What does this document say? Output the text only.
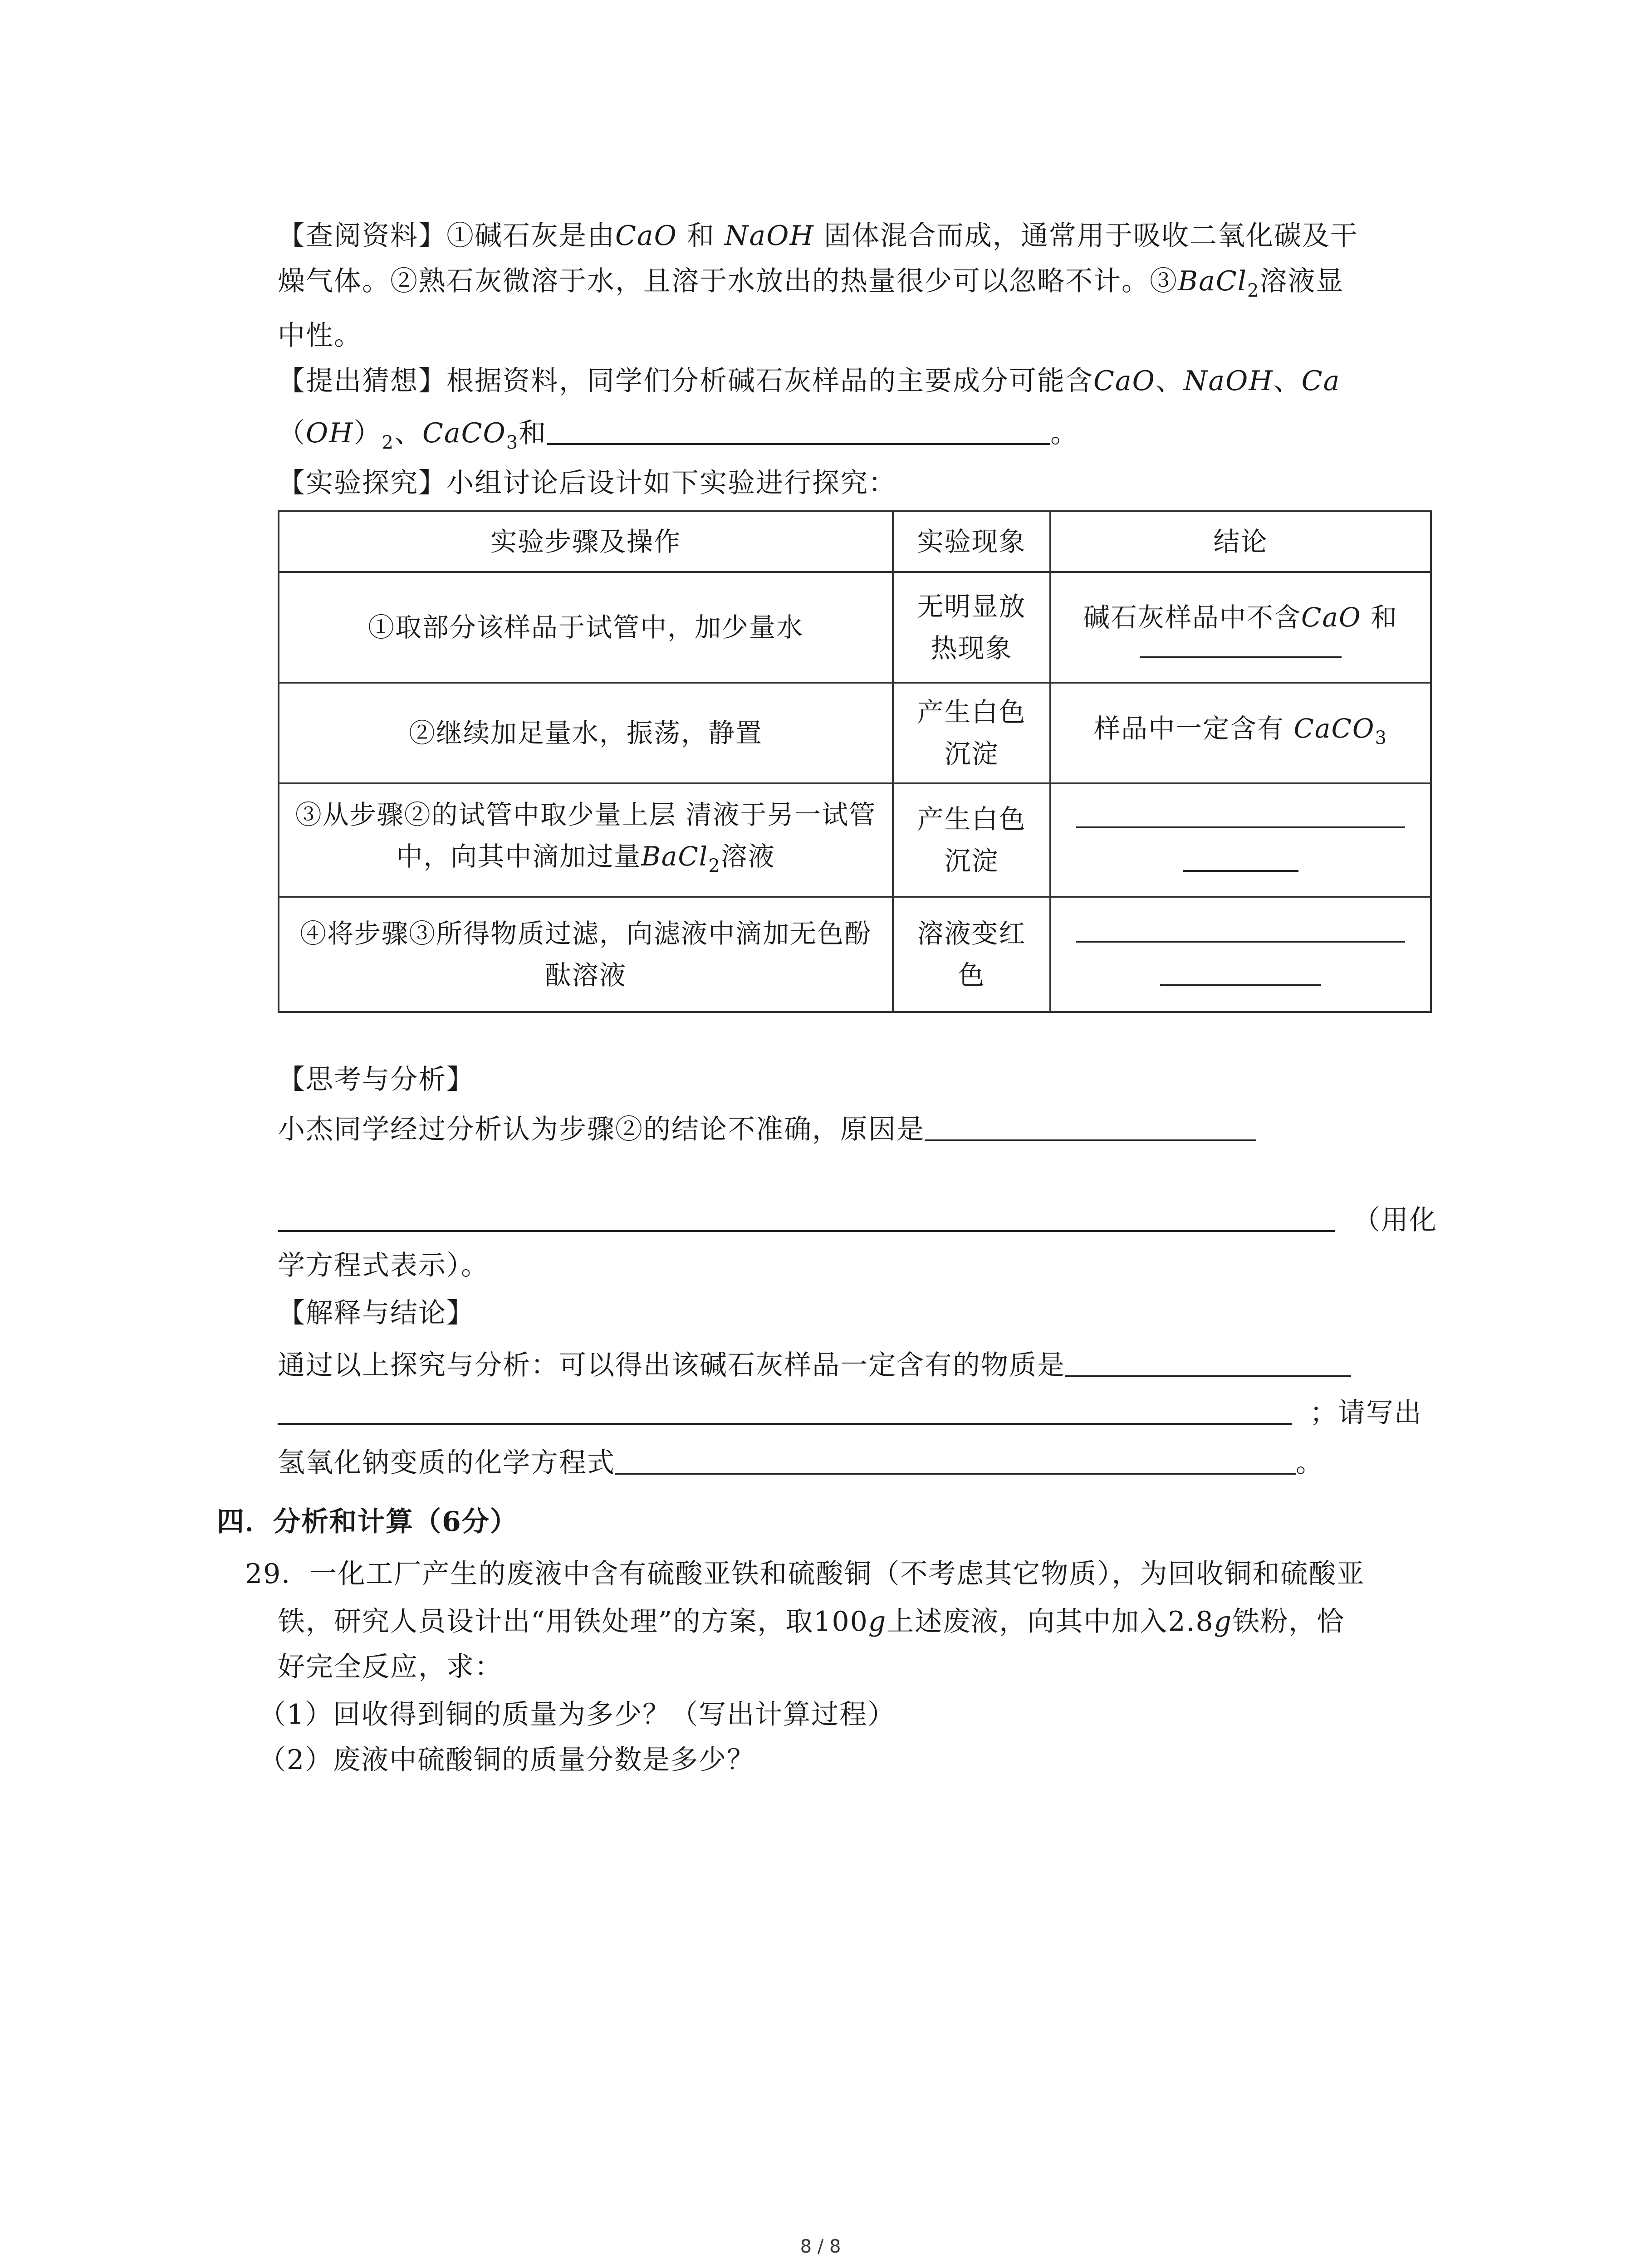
【查阅资料】①碱石灰是由CaO 和 NaOH 固体混合而成，通常用于吸收二氧化碳及干
燥气体。②熟石灰微溶于水，且溶于水放出的热量很少可以忽略不计。③BaCl$_2$溶液显
中性。
【提出猜想】根据资料，同学们分析碱石灰样品的主要成分可能含CaO、NaOH、Ca
$(OH)_2$、CaCO$_3$和	。
【实验探究】小组讨论后设计如下实验进行探究：
实验步骤及操作	实验现象	结论
①取部分该样品于试管中，加少量水	无明显放热现象	碱石灰样品中不含CaO 和

②继续加足量水，振荡，静置	产生白色沉淀	样品中一定含有 CaCO$_3$
③从步骤②的试管中取少量上层 清液于另一试管中，向其中滴加过量BaCl$_2$溶液	产生白色沉淀	

④将步骤③所得物质过滤，向滤液中滴加无色酚酞溶液	溶液变红色	
【思考与分析】
小杰同学经过分析认为步骤②的结论不准确，原因是
（用化
学方程式表示）。
【解释与结论】
通过以上探究与分析：可以得出该碱石灰样品一定含有的物质是
；请写出
氢氧化钠变质的化学方程式	。
四．分析和计算（6分）
29．一化工厂产生的废液中含有硫酸亚铁和硫酸铜（不考虑其它物质），为回收铜和硫酸亚
铁，研究人员设计出“用铁处理”的方案，取100g上述废液，向其中加入2.8g铁粉，恰
好完全反应，求：
（1）回收得到铜的质量为多少？（写出计算过程）
（2）废液中硫酸铜的质量分数是多少？
8 / 8
